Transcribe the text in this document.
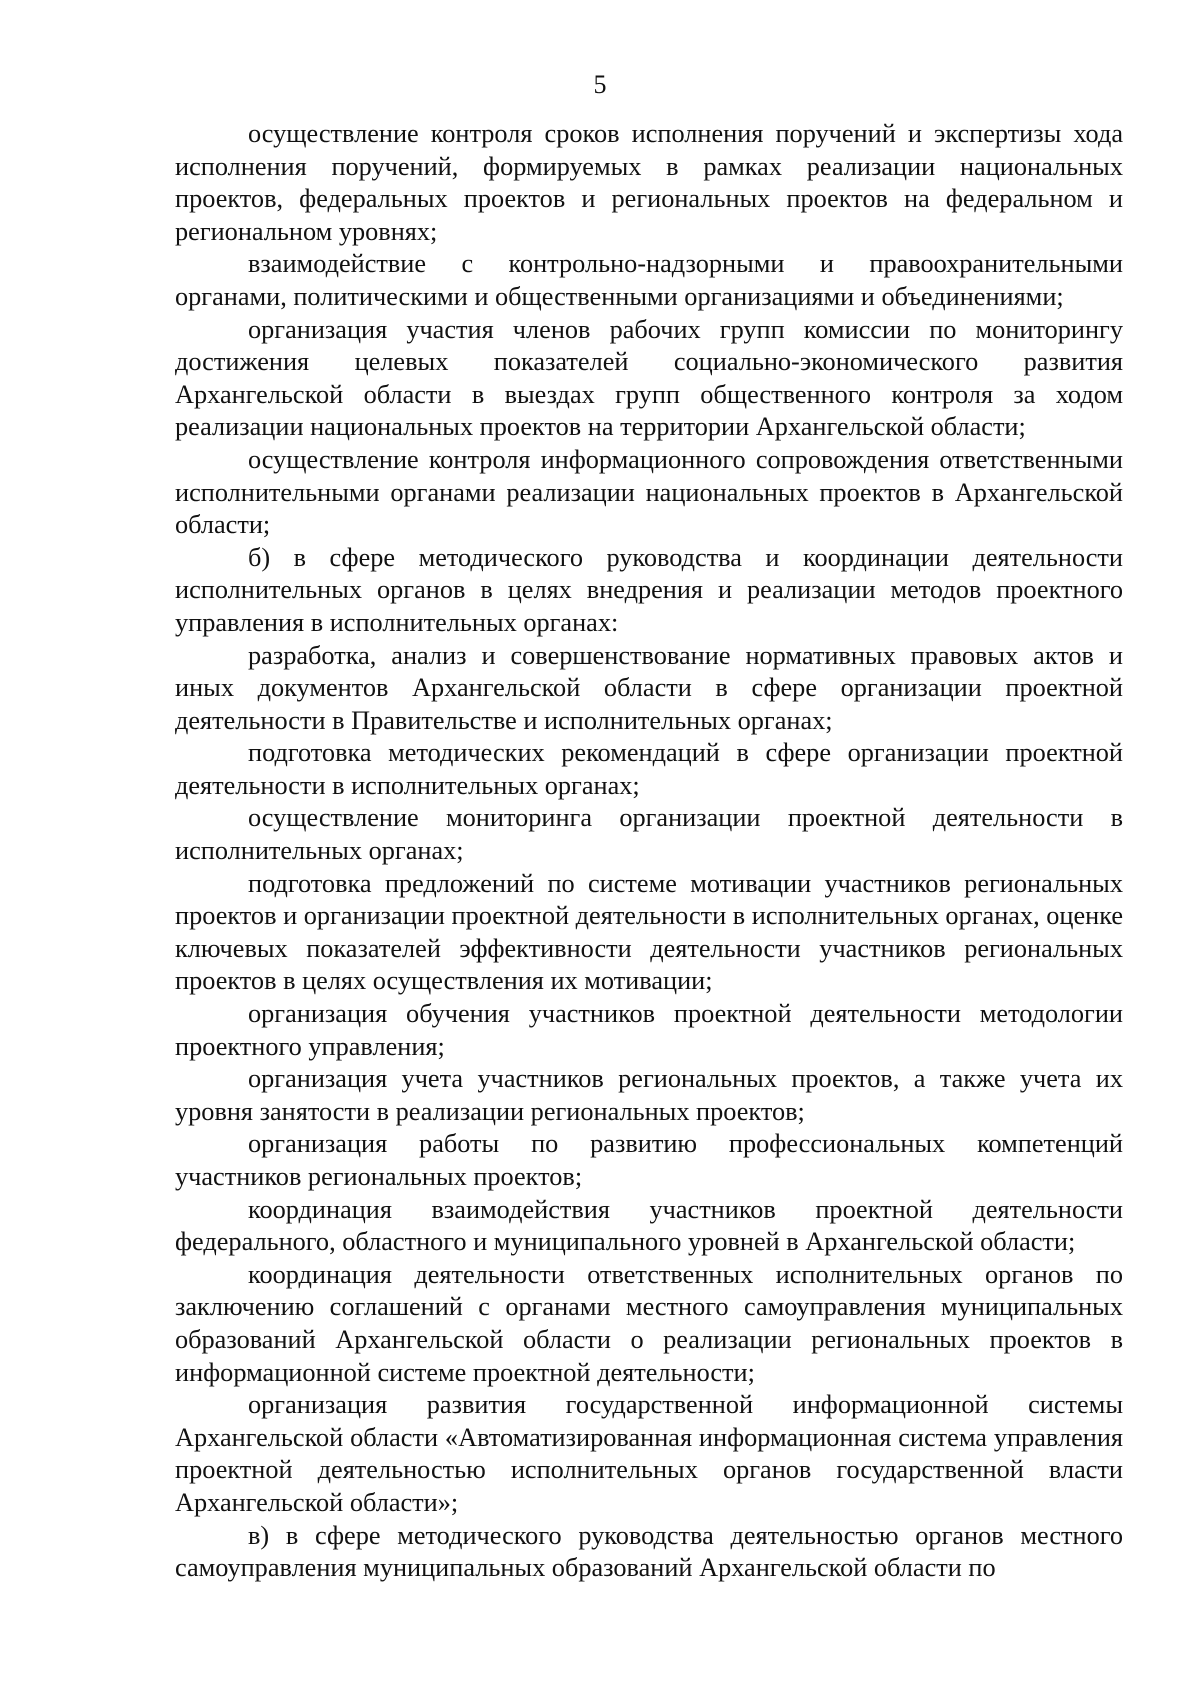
5

осуществление контроля сроков исполнения поручений и экспертизы хода исполнения поручений, формируемых в рамках реализации национальных проектов, федеральных проектов и региональных проектов на федеральном и региональном уровнях;

взаимодействие с контрольно-надзорными и правоохранительными органами, политическими и общественными организациями и объединениями;

организация участия членов рабочих групп комиссии по мониторингу достижения целевых показателей социально-экономического развития Архангельской области в выездах групп общественного контроля за ходом реализации национальных проектов на территории Архангельской области;

осуществление контроля информационного сопровождения ответственными исполнительными органами реализации национальных проектов в Архангельской области;

б) в сфере методического руководства и координации деятельности исполнительных органов в целях внедрения и реализации методов проектного управления в исполнительных органах:

разработка, анализ и совершенствование нормативных правовых актов и иных документов Архангельской области в сфере организации проектной деятельности в Правительстве и исполнительных органах;

подготовка методических рекомендаций в сфере организации проектной деятельности в исполнительных органах;

осуществление мониторинга организации проектной деятельности в исполнительных органах;

подготовка предложений по системе мотивации участников региональных проектов и организации проектной деятельности в исполнительных органах, оценке ключевых показателей эффективности деятельности участников региональных проектов в целях осуществления их мотивации;

организация обучения участников проектной деятельности методологии проектного управления;

организация учета участников региональных проектов, а также учета их уровня занятости в реализации региональных проектов;

организация работы по развитию профессиональных компетенций участников региональных проектов;

координация взаимодействия участников проектной деятельности федерального, областного и муниципального уровней в Архангельской области;

координация деятельности ответственных исполнительных органов по заключению соглашений с органами местного самоуправления муниципальных образований Архангельской области о реализации региональных проектов в информационной системе проектной деятельности;

организация развития государственной информационной системы Архангельской области «Автоматизированная информационная система управления проектной деятельностью исполнительных органов государственной власти Архангельской области»;

в) в сфере методического руководства деятельностью органов местного самоуправления муниципальных образований Архангельской области по
